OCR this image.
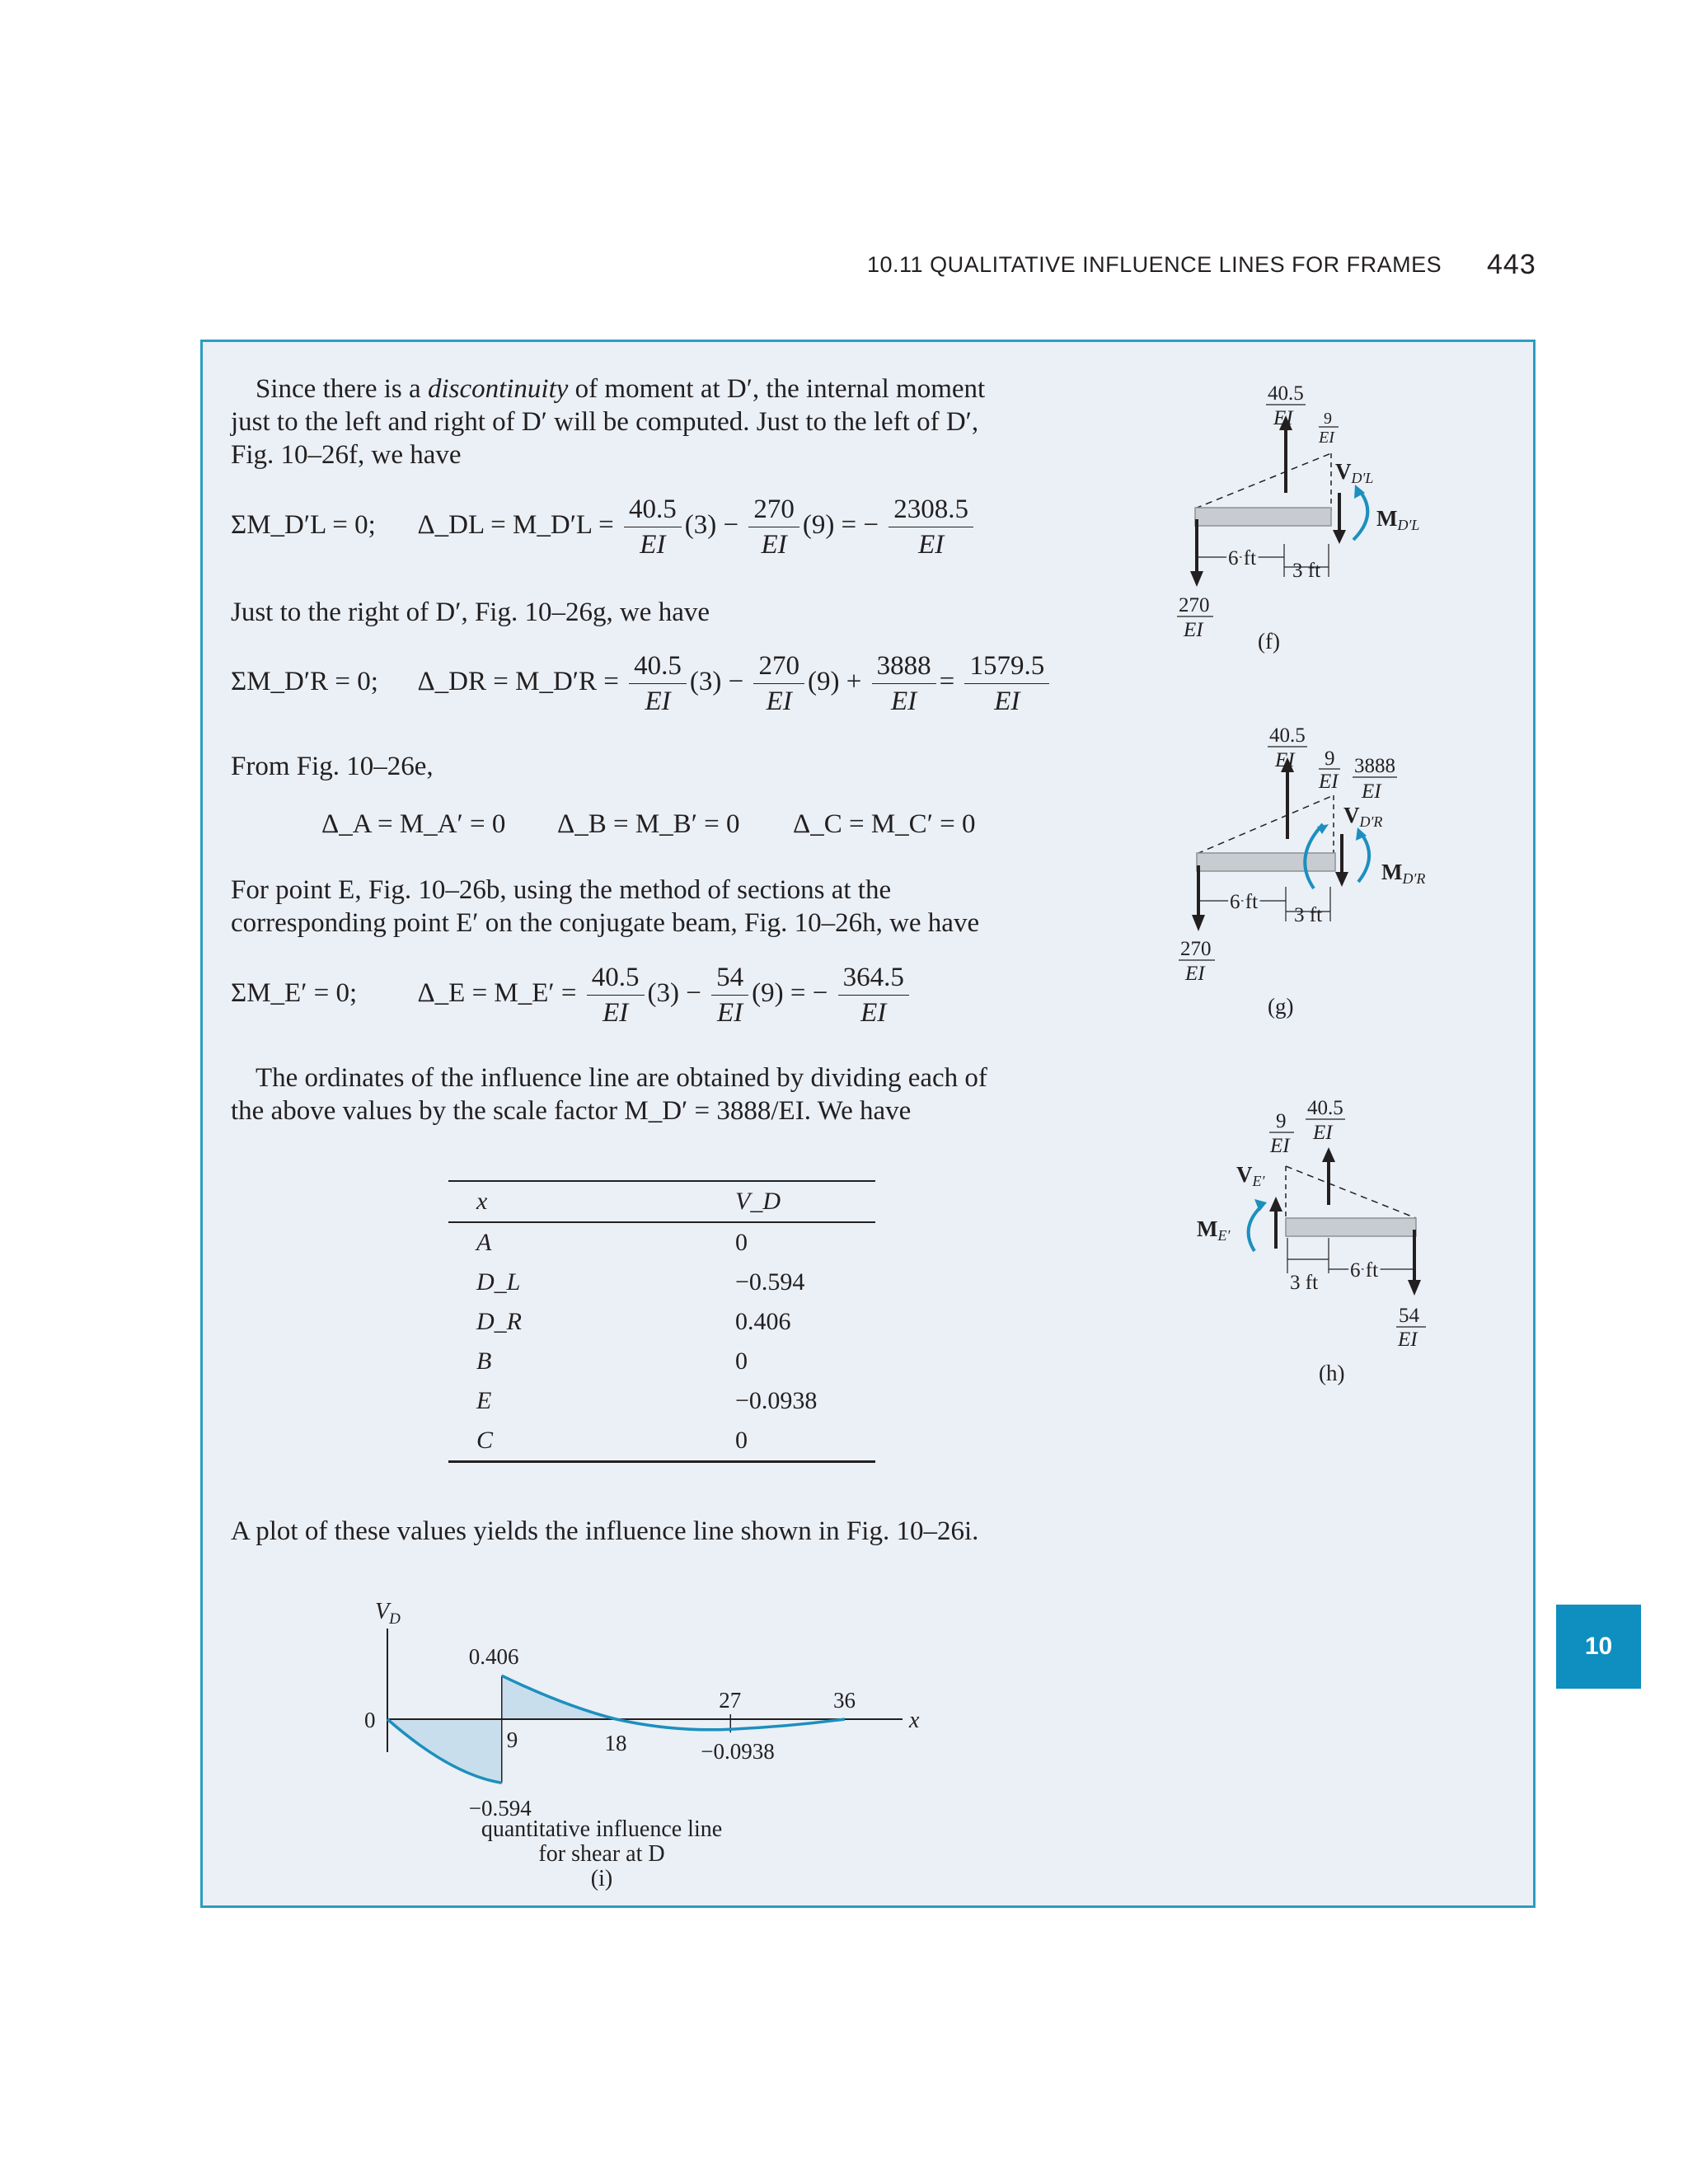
10.11 QUALITATIVE INFLUENCE LINES FOR FRAMES 443
10
Since there is a discontinuity of moment at D′, the internal moment
just to the left and right of D′ will be computed. Just to the left of D′,
Fig. 10–26f, we have
ΣM_D′L = 0; Δ_DL = M_D′L = $\frac{40.5}{EI} (3) - \frac{270}{EI} (9)$ = − $\frac{2308.5}{EI}$
Just to the right of D′, Fig. 10–26g, we have
ΣM_D′R = 0; Δ_DR = M_D′R = $\frac{40.5}{EI} (3) - \frac{270}{EI} (9) + \frac{3888}{EI} = \frac{1579.5}{EI}$
From Fig. 10–26e,
Δ_A = M_A′ = 0 Δ_B = M_B′ = 0 Δ_C = M_C′ = 0
For point E, Fig. 10–26b, using the method of sections at the
corresponding point E′ on the conjugate beam, Fig. 10–26h, we have
ΣM_E′ = 0; Δ_E = M_E′ = $\frac{40.5}{EI} (3) - \frac{54}{EI} (9)$ = − $\frac{364.5}{EI}$
The ordinates of the influence line are obtained by dividing each of
the above values by the scale factor M_D′ = 3888/EI. We have
x	V_D
A	0
D_L	−0.594
D_R	0.406
B	0
E	−0.0938
C	0
A plot of these values yields the influence line shown in Fig. 10–26i.
$V_D$
x
0
9	18
27	36
0.406
−0.594
−0.0938
quantitative influence line
for shear at D
(i)
6 ft
3 ft
40.5
EI 9
EI
VD′L
MD′L
270
EI (f)
6 ft
3 ft
40.5
EI 9
EI
3888
EI
VD′R
MD′R
270
EI
(g)
3 ft
6 ft
40.5
EI
9
EI
VE′
ME′
54
EI
(h)
